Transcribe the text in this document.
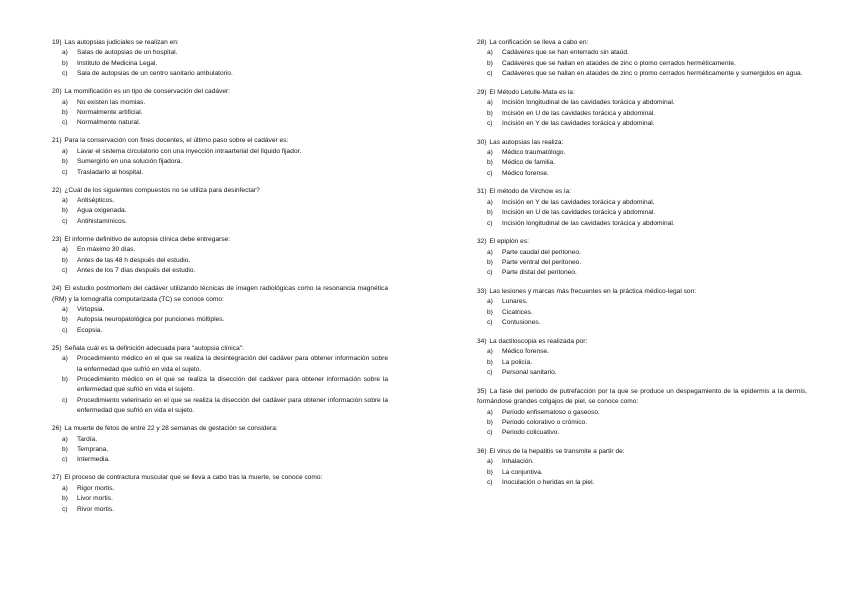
19) Las autopsias judiciales se realizan en:

a)	Salas de autopsias de un hospital.
b)	Instituto de Medicina Legal.
c)	Sala de autopsias de un centro sanitario ambulatorio.

20) La momificación es un tipo de conservación del cadáver:

a)	No existen las momias.
b)	Normalmente artificial.
c)	Normalmente natural.

21) Para la conservación con fines docentes, el último paso sobre el cadáver es:

a)	Lavar el sistema circulatorio con una inyección intraarterial del líquido fijador.
b)	Sumergirlo en una solución fijadora.
c)	Trasladarlo al hospital.

22) ¿Cuál de los siguientes compuestos no se utiliza para desinfectar?

a)	Antisépticos.
b)	Agua oxigenada.
c)	Antihistamínicos.

23) El informe definitivo de autopsia clínica debe entregarse:

a)	En máximo 30 días.
b)	Antes de las 48 h después del estudio.
c)	Antes de los 7 días después del estudio.

24) El estudio postmortem del cadáver utilizando técnicas de imagen radiológicas como la resonancia magnética (RM) y la tomografía computarizada (TC) se conoce como:

a)	Virtopsia.
b)	Autopsia neuropatológica por punciones múltiples.
c)	Ecopsia.

25) Señala cuál es la definición adecuada para "autopsia clínica":

a)	Procedimiento médico en el que se realiza la desintegración del cadáver para obtener información sobre la enfermedad que sufrió en vida el sujeto.
b)	Procedimiento médico en el que se realiza la disección del cadáver para obtener información sobre la enfermedad que sufrió en vida el sujeto.
c)	Procedimiento veterinario en el que se realiza la disección del cadáver para obtener información sobre la enfermedad que sufrió en vida el sujeto.

26) La muerte de fetos de entre 22 y 28 semanas de gestación se considera:

a)	Tardía.
b)	Temprana.
c)	Intermedia.

27) El proceso de contractura muscular que se lleva a cabo tras la muerte, se conoce como:

a)	Rigor mortis.
b)	Livor mortis.
c)	Rivor mortis.

28) La corificación se lleva a cabo en:

a)	Cadáveres que se han enterrado sin ataúd.
b)	Cadáveres que se hallan en ataúdes de zinc o plomo cerrados herméticamente.
c)	Cadáveres que se hallan en ataúdes de zinc o plomo cerrados herméticamente y sumergidos en agua.

29) El Método Letulle-Mata es la:

a)	Incisión longitudinal de las cavidades torácica y abdominal.
b)	Incisión en U de las cavidades torácica y abdominal.
c)	Incisión en Y de las cavidades torácica y abdominal.

30) Las autopsias las realiza:

a)	Médico traumatólogo.
b)	Médico de familia.
c)	Médico forense.

31) El método de Virchow es la:

a)	Incisión en Y de las cavidades torácica y abdominal.
b)	Incisión en U de las cavidades torácica y abdominal.
c)	Incisión longitudinal de las cavidades torácica y abdominal.

32) El epiplón es:

a)	Parte caudal del peritoneo.
b)	Parte ventral del peritoneo.
c)	Parte distal del peritoneo.

33) Las lesiones y marcas más frecuentes en la práctica médico-legal son:

a)	Lunares.
b)	Cicatrices.
c)	Contusiones.

34) La dactiloscopia es realizada por:

a)	Médico forense.
b)	La policía.
c)	Personal sanitario.

35) La fase del periodo de putrefacción por la que se produce un despegamiento de la epidermis a la dermis, formándose grandes colgajos de piel, se conoce como:

a)	Periodo enfisematoso o gaseoso.
b)	Periodo colorativo o crómico.
c)	Periodo colicuativo.

36) El virus de la hepatitis se transmite a partir de:

a)	Inhalación.
b)	La conjuntiva.
c)	Inoculación o heridas en la piel.
